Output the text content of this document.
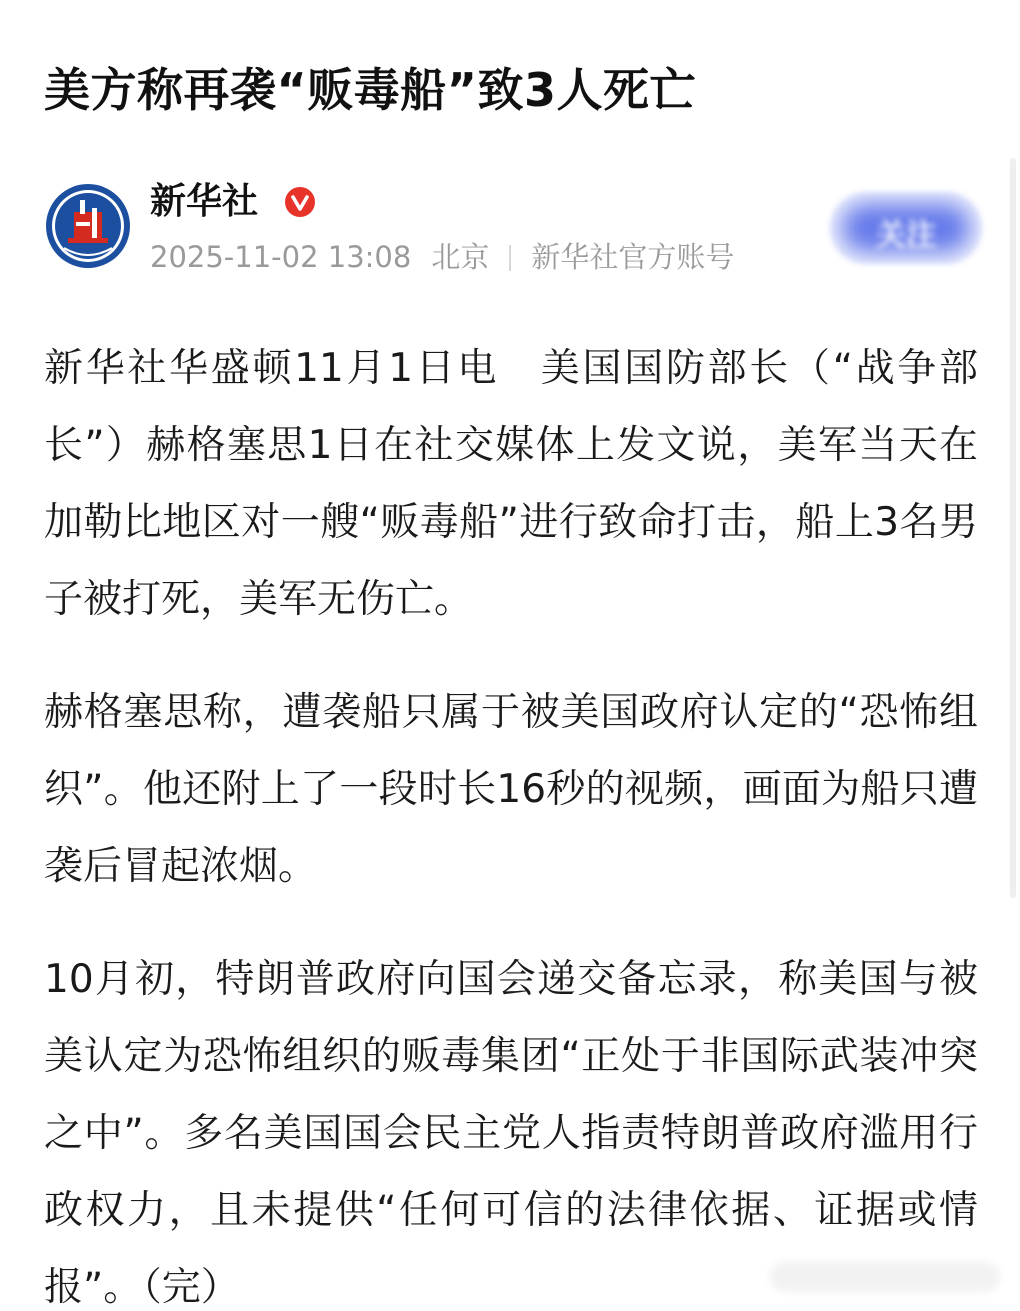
美方称再袭“贩毒船”致3人死亡
新华社
2025-11-02 13:08 北京 新华社官方账号
关注

新华社华盛顿11月1日电　美国国防部长（“战争部长”）赫格塞思1日在社交媒体上发文说，美军当天在加勒比地区对一艘“贩毒船”进行致命打击，船上3名男子被打死，美军无伤亡。

赫格塞思称，遭袭船只属于被美国政府认定的“恐怖组织”。他还附上了一段时长16秒的视频，画面为船只遭袭后冒起浓烟。

10月初，特朗普政府向国会递交备忘录，称美国与被美认定为恐怖组织的贩毒集团“正处于非国际武装冲突之中”。多名美国国会民主党人指责特朗普政府滥用行政权力，且未提供“任何可信的法律依据、证据或情报”。（完）
